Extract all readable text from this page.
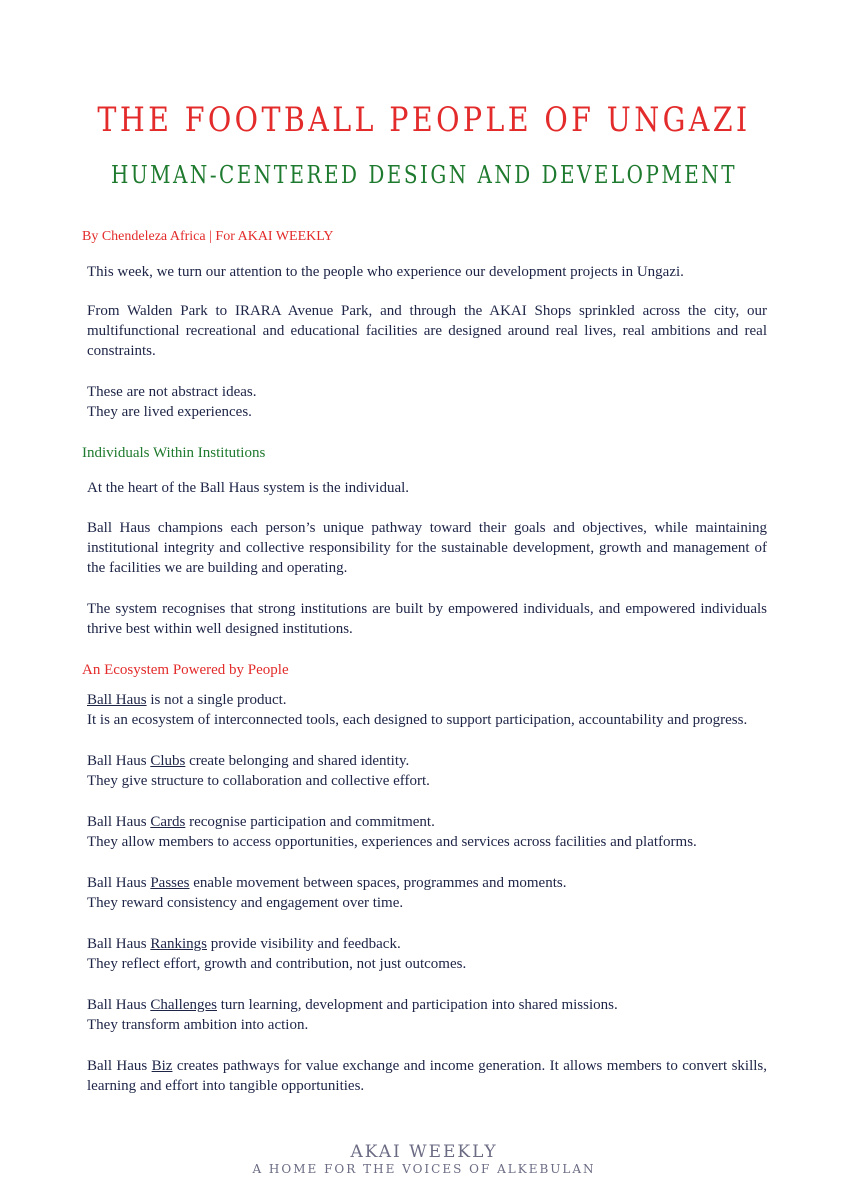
THE FOOTBALL PEOPLE OF UNGAZI
HUMAN-CENTERED DESIGN AND DEVELOPMENT
By Chendeleza Africa | For AKAI WEEKLY

This week, we turn our attention to the people who experience our development projects in Ungazi.

From Walden Park to IRARA Avenue Park, and through the AKAI Shops sprinkled across the city, our multifunctional recreational and educational facilities are designed around real lives, real ambitions and real constraints.

These are not abstract ideas.
They are lived experiences.

Individuals Within Institutions

At the heart of the Ball Haus system is the individual.

Ball Haus champions each person’s unique pathway toward their goals and objectives, while maintaining institutional integrity and collective responsibility for the sustainable development, growth and management of the facilities we are building and operating.

The system recognises that strong institutions are built by empowered individuals, and empowered individuals thrive best within well designed institutions.

An Ecosystem Powered by People

Ball Haus is not a single product.
It is an ecosystem of interconnected tools, each designed to support participation, accountability and progress.

Ball Haus Clubs create belonging and shared identity.
They give structure to collaboration and collective effort.

Ball Haus Cards recognise participation and commitment.
They allow members to access opportunities, experiences and services across facilities and platforms.

Ball Haus Passes enable movement between spaces, programmes and moments.
They reward consistency and engagement over time.

Ball Haus Rankings provide visibility and feedback.
They reflect effort, growth and contribution, not just outcomes.

Ball Haus Challenges turn learning, development and participation into shared missions.
They transform ambition into action.

Ball Haus Biz creates pathways for value exchange and income generation. It allows members to convert skills, learning and effort into tangible opportunities.

AKAI WEEKLY
A HOME FOR THE VOICES OF ALKEBULAN
